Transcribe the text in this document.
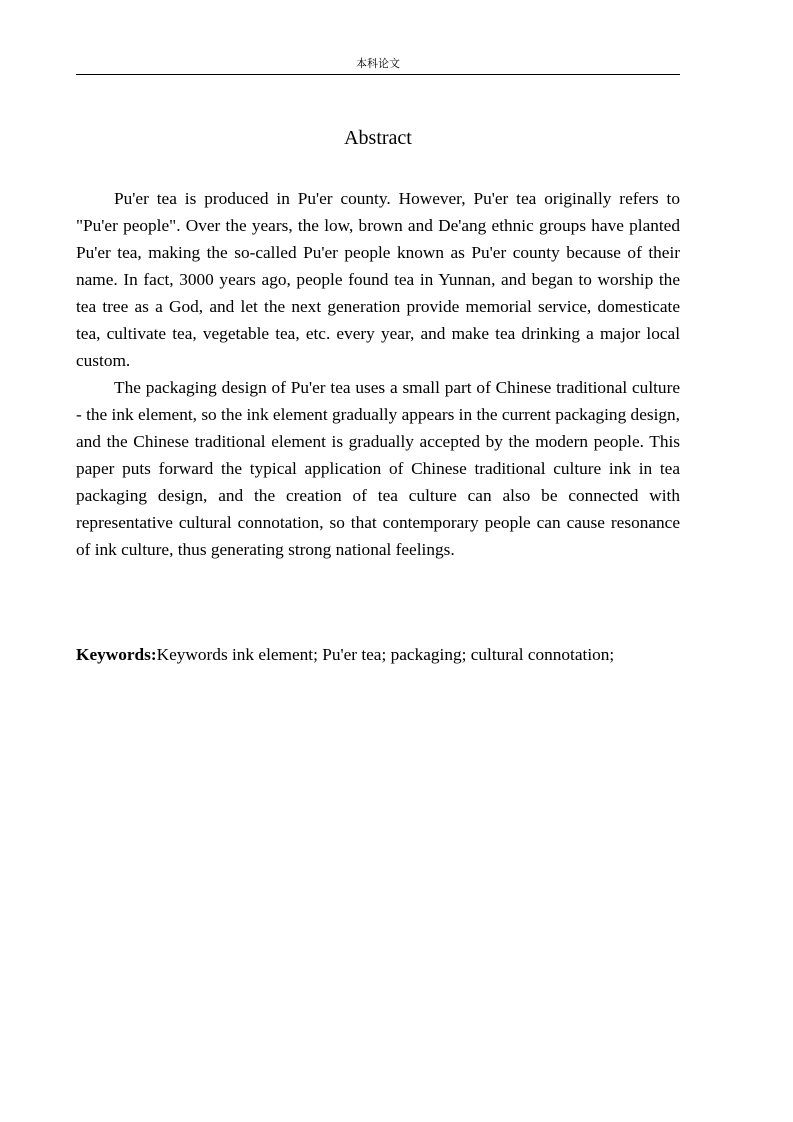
本科论文
Abstract

Pu'er tea is produced in Pu'er county. However, Pu'er tea originally refers to "Pu'er people". Over the years, the low, brown and De'ang ethnic groups have planted Pu'er tea, making the so-called Pu'er people known as Pu'er county because of their name. In fact, 3000 years ago, people found tea in Yunnan, and began to worship the tea tree as a God, and let the next generation provide memorial service, domesticate tea, cultivate tea, vegetable tea, etc. every year, and make tea drinking a major local custom.

The packaging design of Pu'er tea uses a small part of Chinese traditional culture - the ink element, so the ink element gradually appears in the current packaging design, and the Chinese traditional element is gradually accepted by the modern people. This paper puts forward the typical application of Chinese traditional culture ink in tea packaging design, and the creation of tea culture can also be connected with representative cultural connotation, so that contemporary people can cause resonance of ink culture, thus generating strong national feelings.

Keywords:Keywords ink element; Pu'er tea; packaging; cultural connotation;
